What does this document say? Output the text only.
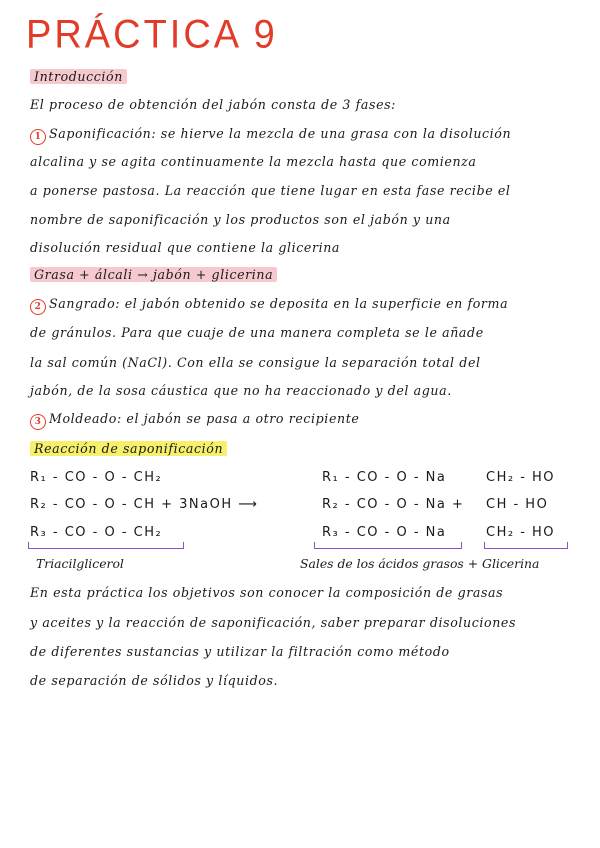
PRÁCTICA 9
Introducción
El proceso de obtención del jabón consta de 3 fases:
1 Saponificación: se hierve la mezcla de una grasa con la disolución
alcalina y se agita continuamente la mezcla hasta que comienza
a ponerse pastosa. La reacción que tiene lugar en esta fase recibe el
nombre de saponificación y los productos son el jabón y una
disolución residual que contiene la glicerina
Grasa + álcali → jabón + glicerina
2 Sangrado: el jabón obtenido se deposita en la superficie en forma
de gránulos. Para que cuaje de una manera completa se le añade
la sal común (NaCl). Con ella se consigue la separación total del
jabón, de la sosa cáustica que no ha reaccionado y del agua.
3 Moldeado: el jabón se pasa a otro recipiente
Reacción de saponificación
R₁ - CO - O - CH₂
R₂ - CO - O - CH + 3NaOH ⟶
R₃ - CO - O - CH₂
R₁ - CO - O - Na
R₂ - CO - O - Na +
R₃ - CO - O - Na
CH₂ - HO
CH - HO
CH₂ - HO
Triacilglicerol	Sales de los ácidos grasos + Glicerina
En esta práctica los objetivos son conocer la composición de grasas
y aceites y la reacción de saponificación, saber preparar disoluciones
de diferentes sustancias y utilizar la filtración como método
de separación de sólidos y líquidos.
